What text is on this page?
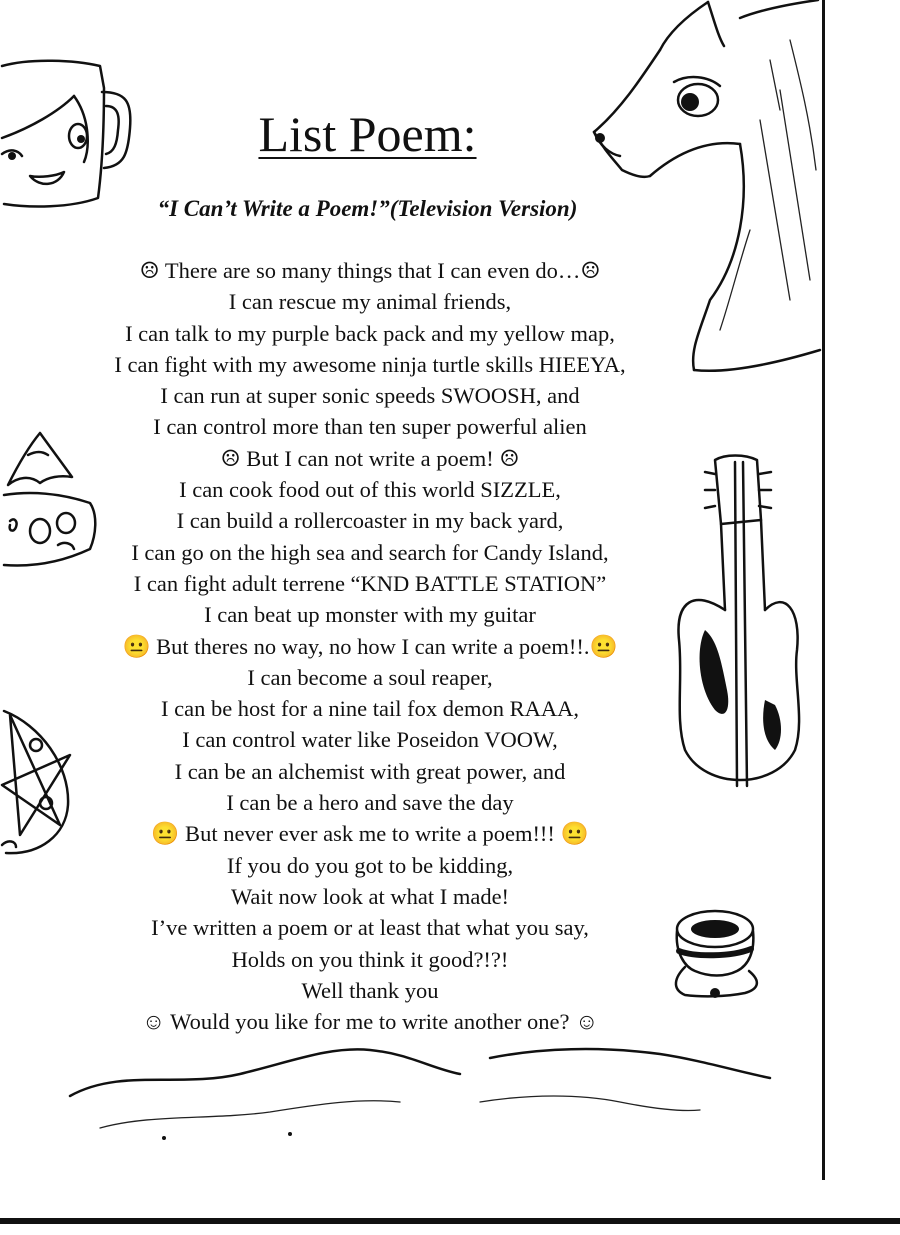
List Poem:
“I Can’t Write a Poem!”(Television Version)
☹ There are so many things that I can even do…☹
I can rescue my animal friends,
I can talk to my purple back pack and my yellow map,
I can fight with my awesome ninja turtle skills HIEEYA,
I can run at super sonic speeds SWOOSH, and
I can control more than ten super powerful alien
☹ But I can not write a poem! ☹
I can cook food out of this world SIZZLE,
I can build a rollercoaster in my back yard,
I can go on the high sea and search for Candy Island,
I can fight adult terrene “KND BATTLE STATION”
I can beat up monster with my guitar
😐 But theres no way, no how I can write a poem!!.😐
I can become a soul reaper,
I can be host for a nine tail fox demon RAAA,
I can control water like Poseidon VOOW,
I can be an alchemist with great power, and
I can be a hero and save the day
😐 But never ever ask me to write a poem!!! 😐
If you do you got to be kidding,
Wait now look at what I made!
I’ve written a poem or at least that what you say,
Holds on you think it good?!?!
Well thank you
☺ Would you like for me to write another one? ☺
